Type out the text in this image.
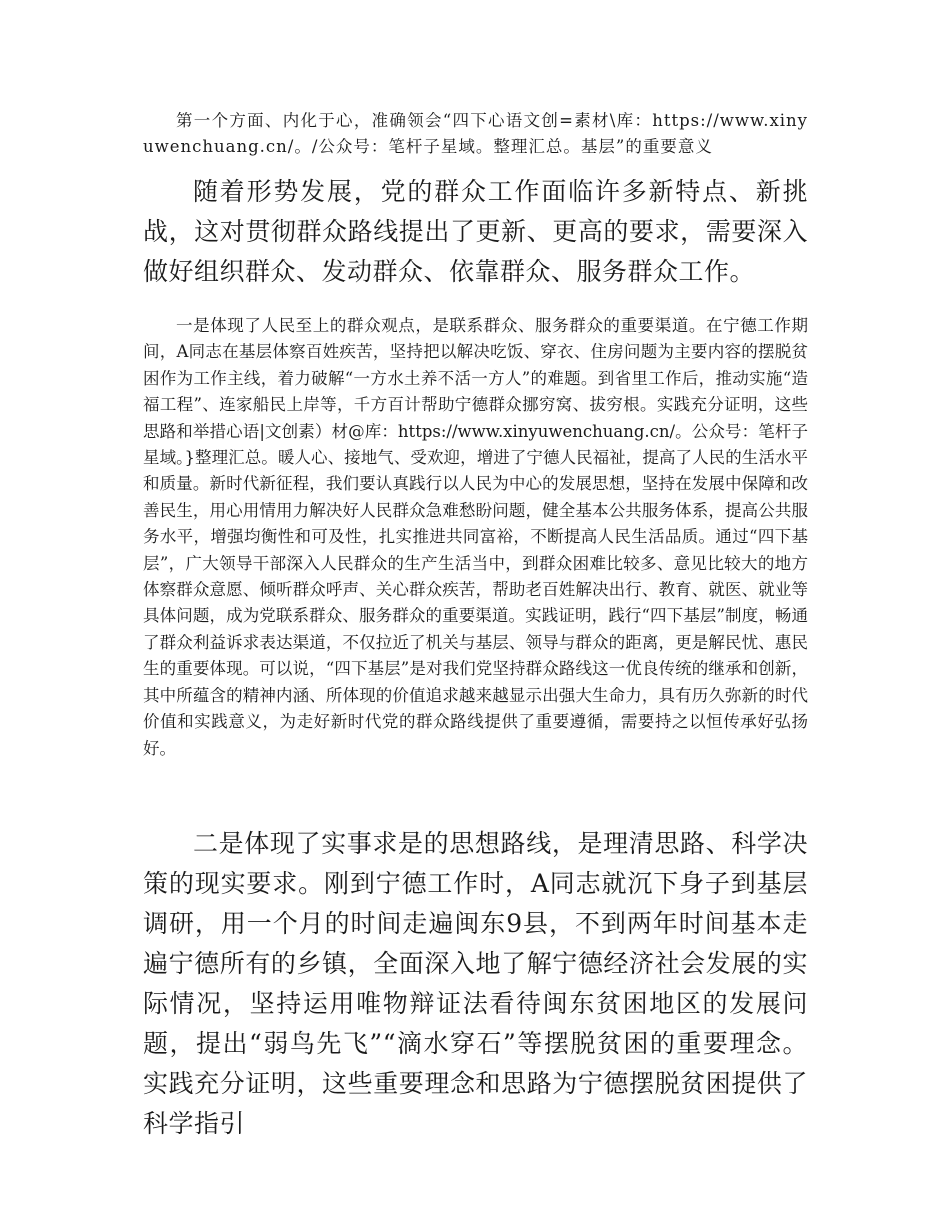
第一个方面、内化于心，准确领会“四下心语文创=素材\库：https://www.xinyuwenchuang.cn/。/公众号：笔杆子星域。整理汇总。基层”的重要意义

随着形势发展，党的群众工作面临许多新特点、新挑战，这对贯彻群众路线提出了更新、更高的要求，需要深入做好组织群众、发动群众、依靠群众、服务群众工作。

一是体现了人民至上的群众观点，是联系群众、服务群众的重要渠道。在宁德工作期间，A同志在基层体察百姓疾苦，坚持把以解决吃饭、穿衣、住房问题为主要内容的摆脱贫困作为工作主线，着力破解“一方水土养不活一方人”的难题。到省里工作后，推动实施“造福工程”、连家船民上岸等，千方百计帮助宁德群众挪穷窝、拔穷根。实践充分证明，这些思路和举措心语|文创素）材@库：https://www.xinyuwenchuang.cn/。公众号：笔杆子星域。}整理汇总。暖人心、接地气、受欢迎，增进了宁德人民福祉，提高了人民的生活水平和质量。新时代新征程，我们要认真践行以人民为中心的发展思想，坚持在发展中保障和改善民生，用心用情用力解决好人民群众急难愁盼问题，健全基本公共服务体系，提高公共服务水平，增强均衡性和可及性，扎实推进共同富裕，不断提高人民生活品质。通过“四下基层”，广大领导干部深入人民群众的生产生活当中，到群众困难比较多、意见比较大的地方体察群众意愿、倾听群众呼声、关心群众疾苦，帮助老百姓解决出行、教育、就医、就业等具体问题，成为党联系群众、服务群众的重要渠道。实践证明，践行“四下基层”制度，畅通了群众利益诉求表达渠道，不仅拉近了机关与基层、领导与群众的距离，更是解民忧、惠民生的重要体现。可以说，“四下基层”是对我们党坚持群众路线这一优良传统的继承和创新，其中所蕴含的精神内涵、所体现的价值追求越来越显示出强大生命力，具有历久弥新的时代价值和实践意义，为走好新时代党的群众路线提供了重要遵循，需要持之以恒传承好弘扬好。

二是体现了实事求是的思想路线，是理清思路、科学决策的现实要求。刚到宁德工作时，A同志就沉下身子到基层调研，用一个月的时间走遍闽东9县，不到两年时间基本走遍宁德所有的乡镇，全面深入地了解宁德经济社会发展的实际情况，坚持运用唯物辩证法看待闽东贫困地区的发展问题，提出“弱鸟先飞”“滴水穿石”等摆脱贫困的重要理念。实践充分证明，这些重要理念和思路为宁德摆脱贫困提供了科学指引
